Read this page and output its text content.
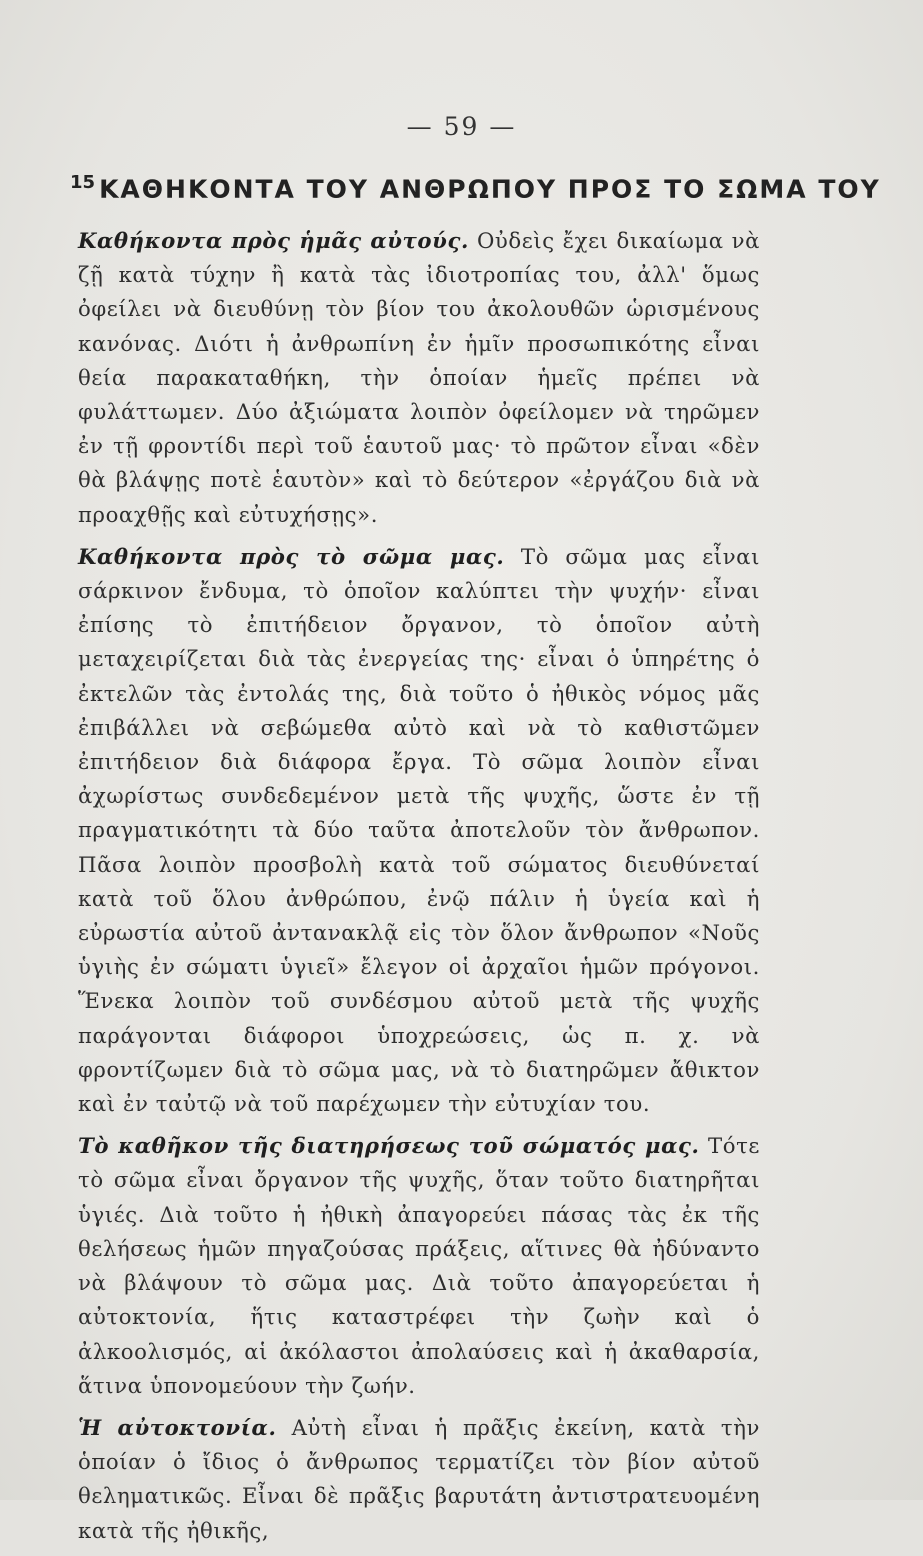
— 59 —
$^{15}$ ΚΑΘΗΚΟΝΤΑ ΤΟΥ ΑΝΘΡΩΠΟΥ ΠΡΟΣ ΤΟ ΣΩΜΑ ΤΟΥ

Καθήκοντα πρὸς ἡμᾶς αὐτούς. Οὐδεὶς ἔχει δικαίωμα νὰ ζῇ κατὰ τύχην ἢ κατὰ τὰς ἰδιοτροπίας του, ἀλλ' ὅμως ὀφείλει νὰ διευθύνῃ τὸν βίον του ἀκολουθῶν ὡρισμένους κανόνας. Διότι ἡ ἀνθρωπίνη ἐν ἡμῖν προσωπικότης εἶναι θεία παρακαταθήκη, τὴν ὁποίαν ἡμεῖς πρέπει νὰ φυλάττωμεν. Δύο ἀξιώματα λοιπὸν ὀφείλομεν νὰ τηρῶμεν ἐν τῇ φροντίδι περὶ τοῦ ἑαυτοῦ μας· τὸ πρῶτον εἶναι «δὲν θὰ βλάψῃς ποτὲ ἑαυτὸν» καὶ τὸ δεύτερον «ἐργάζου διὰ νὰ προαχθῇς καὶ εὐτυχήσῃς».

Καθήκοντα πρὸς τὸ σῶμα μας. Τὸ σῶμα μας εἶναι σάρκινον ἔνδυμα, τὸ ὁποῖον καλύπτει τὴν ψυχήν· εἶναι ἐπίσης τὸ ἐπιτήδειον ὄργανον, τὸ ὁποῖον αὐτὴ μεταχειρίζεται διὰ τὰς ἐνεργείας της· εἶναι ὁ ὑπηρέτης ὁ ἐκτελῶν τὰς ἐντολάς της, διὰ τοῦτο ὁ ἠθικὸς νόμος μᾶς ἐπιβάλλει νὰ σεβώμεθα αὐτὸ καὶ νὰ τὸ καθιστῶμεν ἐπιτήδειον διὰ διάφορα ἔργα. Τὸ σῶμα λοιπὸν εἶναι ἀχωρίστως συνδεδεμένον μετὰ τῆς ψυχῆς, ὥστε ἐν τῇ πραγματικότητι τὰ δύο ταῦτα ἀποτελοῦν τὸν ἄνθρωπον. Πᾶσα λοιπὸν προσβολὴ κατὰ τοῦ σώματος διευθύνεταί κατὰ τοῦ ὅλου ἀνθρώπου, ἐνῷ πάλιν ἡ ὑγεία καὶ ἡ εὐρωστία αὐτοῦ ἀντανακλᾷ εἰς τὸν ὅλον ἄνθρωπον «Νοῦς ὑγιὴς ἐν σώματι ὑγιεῖ» ἔλεγον οἱ ἀρχαῖοι ἡμῶν πρόγονοι. Ἕνεκα λοιπὸν τοῦ συνδέσμου αὐτοῦ μετὰ τῆς ψυχῆς παράγονται διάφοροι ὑποχρεώσεις, ὡς π. χ. νὰ φροντίζωμεν διὰ τὸ σῶμα μας, νὰ τὸ διατηρῶμεν ἄθικτον καὶ ἐν ταὐτῷ νὰ τοῦ παρέχωμεν τὴν εὐτυχίαν του.

Τὸ καθῆκον τῆς διατηρήσεως τοῦ σώματός μας. Τότε τὸ σῶμα εἶναι ὄργανον τῆς ψυχῆς, ὅταν τοῦτο διατηρῆται ὑγιές. Διὰ τοῦτο ἡ ἠθικὴ ἀπαγορεύει πάσας τὰς ἐκ τῆς θελήσεως ἡμῶν πηγαζούσας πράξεις, αἵτινες θὰ ἠδύναντο νὰ βλάψουν τὸ σῶμα μας. Διὰ τοῦτο ἀπαγορεύεται ἡ αὐτοκτονία, ἥτις καταστρέφει τὴν ζωὴν καὶ ὁ ἀλκοολισμός, αἱ ἀκόλαστοι ἀπολαύσεις καὶ ἡ ἀκαθαρσία, ἅτινα ὑπονομεύουν τὴν ζωήν.

Ἡ αὐτοκτονία. Αὐτὴ εἶναι ἡ πρᾶξις ἐκείνη, κατὰ τὴν ὁποίαν ὁ ἴδιος ὁ ἄνθρωπος τερματίζει τὸν βίον αὐτοῦ θεληματικῶς. Εἶναι δὲ πρᾶξις βαρυτάτη ἀντιστρατευομένη κατὰ τῆς ἠθικῆς,
